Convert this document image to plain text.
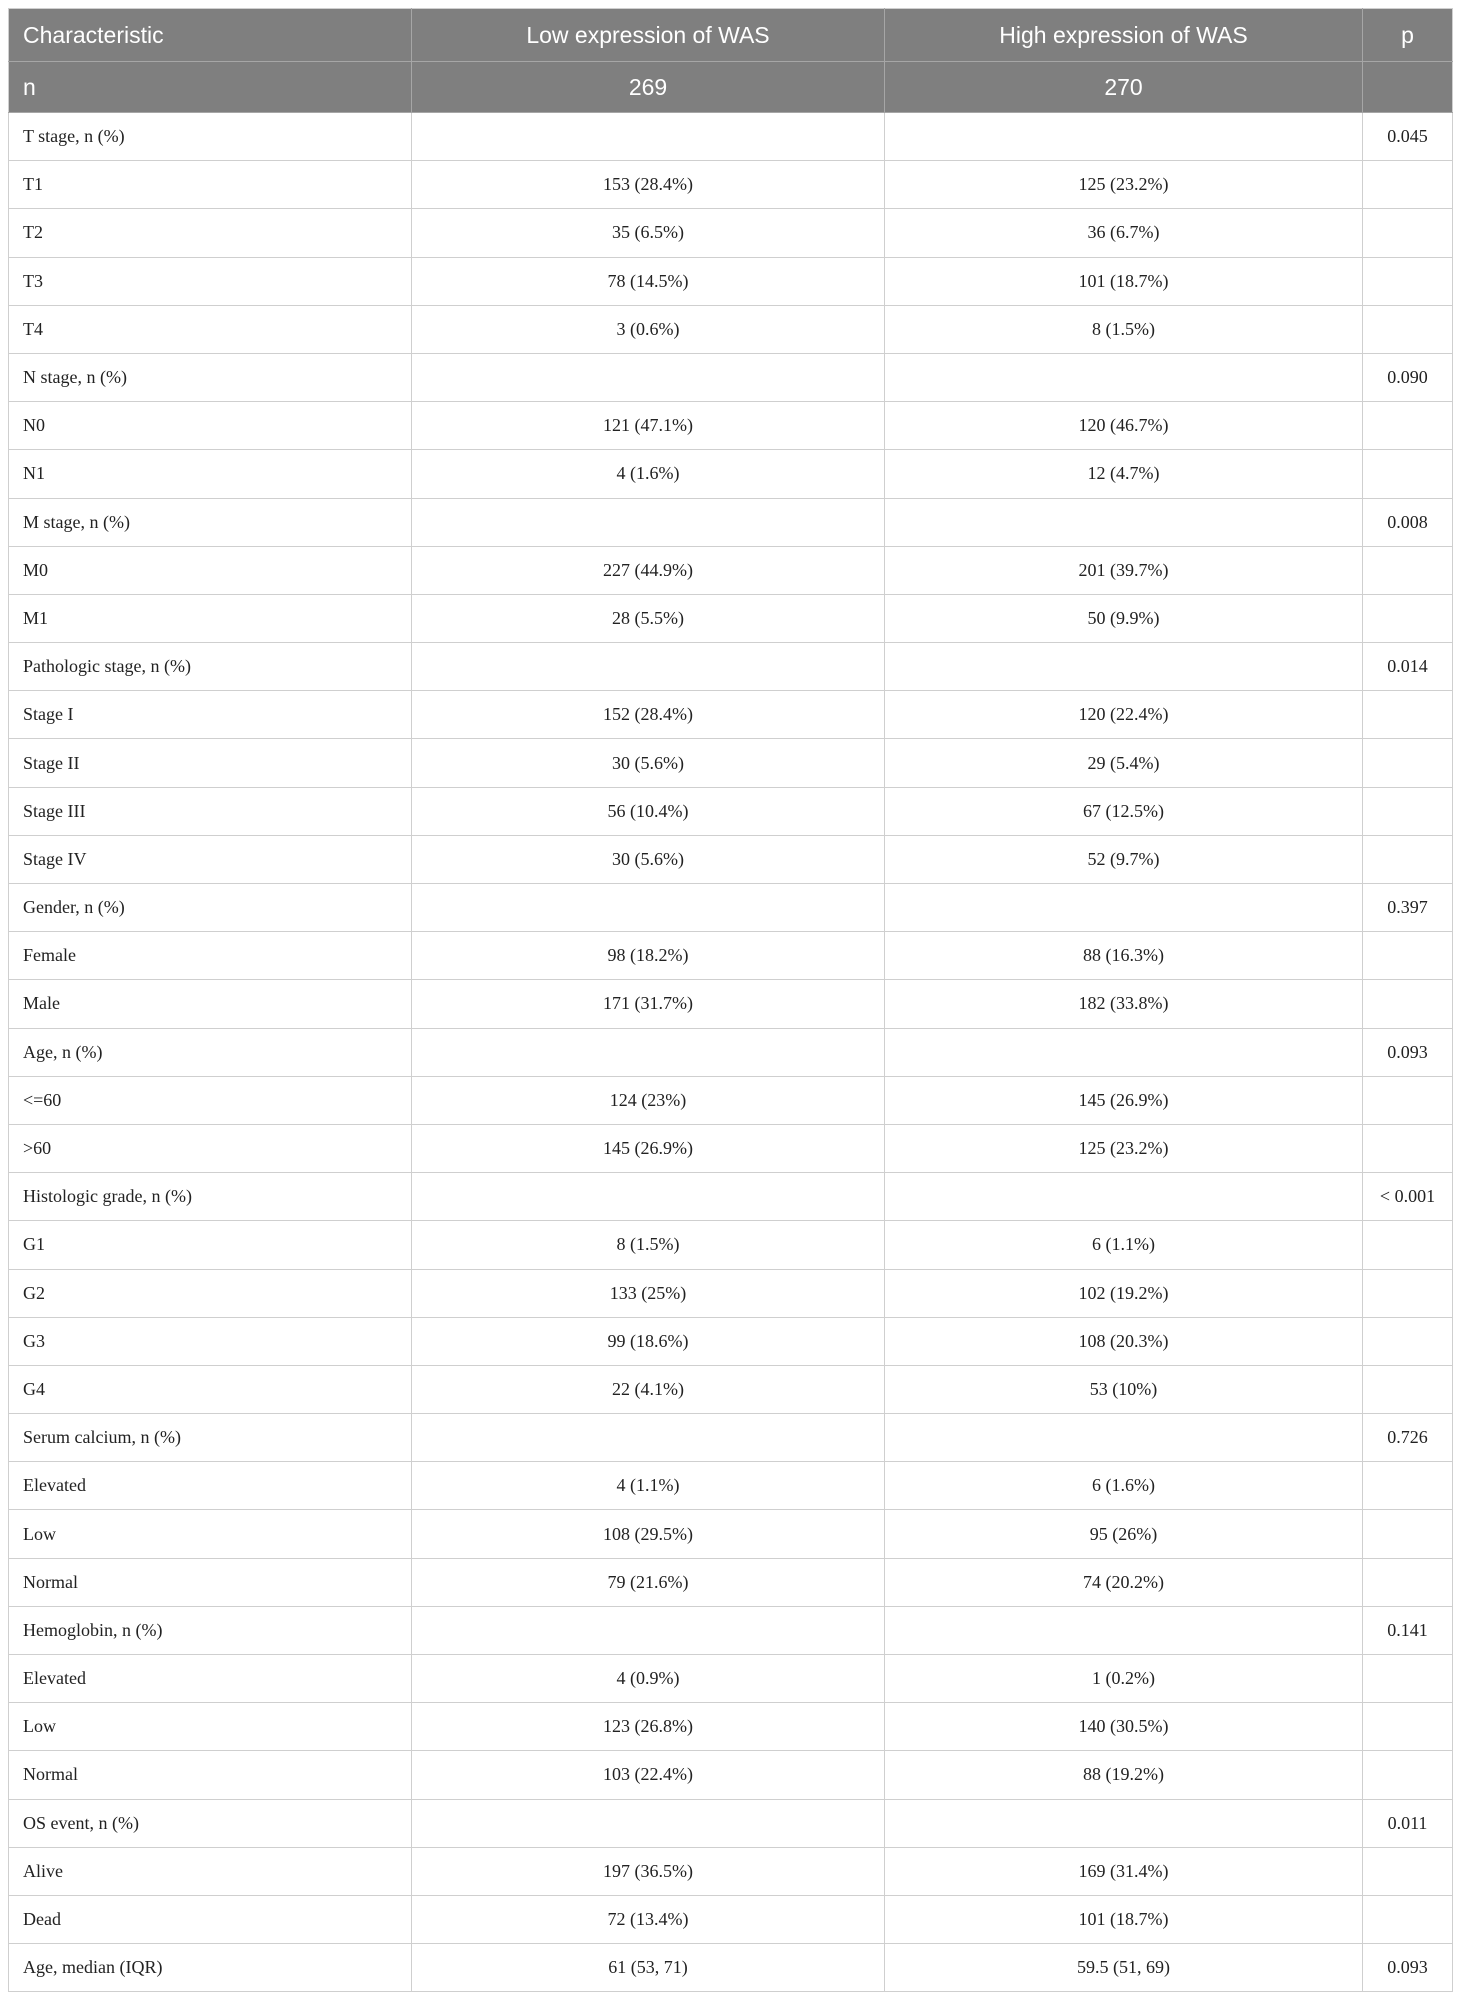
Characteristic	Low expression of WAS	High expression of WAS	p
n	269	270	
T stage, n (%)			0.045
T1	153 (28.4%)	125 (23.2%)	
T2	35 (6.5%)	36 (6.7%)	
T3	78 (14.5%)	101 (18.7%)	
T4	3 (0.6%)	8 (1.5%)	
N stage, n (%)			0.090
N0	121 (47.1%)	120 (46.7%)	
N1	4 (1.6%)	12 (4.7%)	
M stage, n (%)			0.008
M0	227 (44.9%)	201 (39.7%)	
M1	28 (5.5%)	50 (9.9%)	
Pathologic stage, n (%)			0.014
Stage I	152 (28.4%)	120 (22.4%)	
Stage II	30 (5.6%)	29 (5.4%)	
Stage III	56 (10.4%)	67 (12.5%)	
Stage IV	30 (5.6%)	52 (9.7%)	
Gender, n (%)			0.397
Female	98 (18.2%)	88 (16.3%)	
Male	171 (31.7%)	182 (33.8%)	
Age, n (%)			0.093
<=60	124 (23%)	145 (26.9%)	
>60	145 (26.9%)	125 (23.2%)	
Histologic grade, n (%)			< 0.001
G1	8 (1.5%)	6 (1.1%)	
G2	133 (25%)	102 (19.2%)	
G3	99 (18.6%)	108 (20.3%)	
G4	22 (4.1%)	53 (10%)	
Serum calcium, n (%)			0.726
Elevated	4 (1.1%)	6 (1.6%)	
Low	108 (29.5%)	95 (26%)	
Normal	79 (21.6%)	74 (20.2%)	
Hemoglobin, n (%)			0.141
Elevated	4 (0.9%)	1 (0.2%)	
Low	123 (26.8%)	140 (30.5%)	
Normal	103 (22.4%)	88 (19.2%)	
OS event, n (%)			0.011
Alive	197 (36.5%)	169 (31.4%)	
Dead	72 (13.4%)	101 (18.7%)	
Age, median (IQR)	61 (53, 71)	59.5 (51, 69)	0.093
